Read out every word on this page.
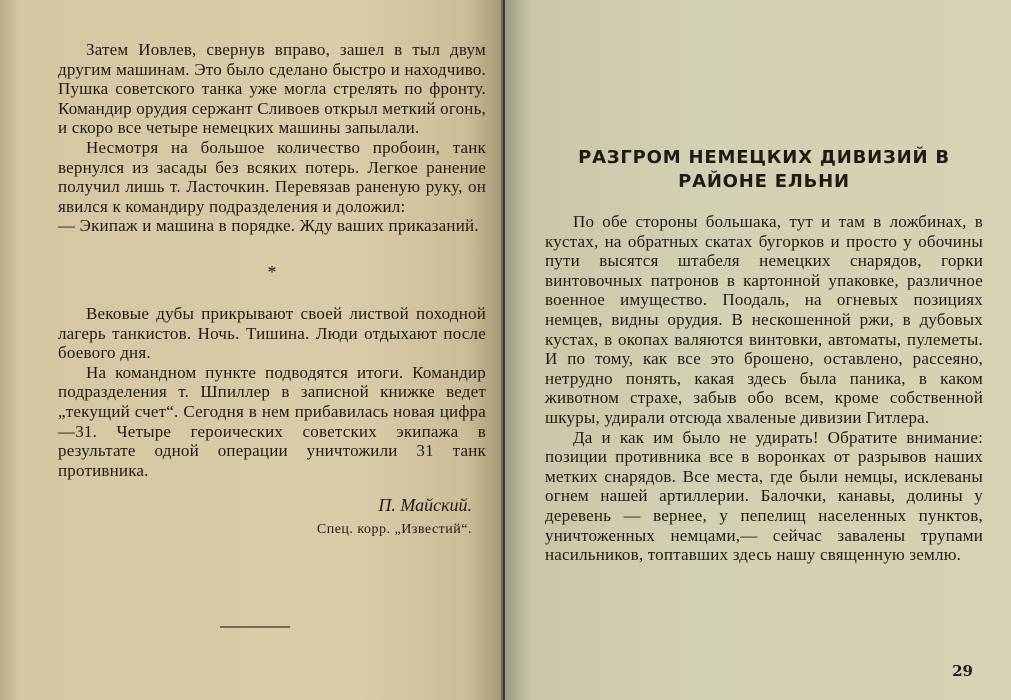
Затем Иовлев, свернув вправо, зашел в тыл двум другим машинам. Это было сделано быстро и находчиво. Пушка советского танка уже могла стрелять по фронту. Командир орудия сержант Сливоев открыл меткий огонь, и скоро все четыре немецких машины запылали.

Несмотря на большое количество пробоин, танк вернулся из засады без всяких потерь. Легкое ранение получил лишь т. Ласточкин. Перевязав раненую руку, он явился к командиру подразделения и доложил:

— Экипаж и машина в порядке. Жду ваших приказаний.

*

Вековые дубы прикрывают своей листвой походной лагерь танкистов. Ночь. Тишина. Люди отдыхают после боевого дня.

На командном пункте подводятся итоги. Командир подразделения т. Шпиллер в записной книжке ведет „текущий счет“. Сегодня в нем прибавилась новая цифра —31. Четыре героических советских экипажа в результате одной операции уничтожили 31 танк противника.

П. Майский.
Спец. корр. „Известий“.
РАЗГРОМ НЕМЕЦКИХ ДИВИЗИЙ В
РАЙОНЕ ЕЛЬНИ

По обе стороны большака, тут и там в ложбинах, в кустах, на обратных скатах бугорков и просто у обочины пути высятся штабеля немецких снарядов, горки винтовочных патронов в картонной упаковке, различное военное имущество. Поодаль, на огневых позициях немцев, видны орудия. В нескошенной ржи, в дубовых кустах, в окопах валяются винтовки, автоматы, пулеметы. И по тому, как все это брошено, оставлено, рассеяно, нетрудно понять, какая здесь была паника, в каком животном страхе, забыв обо всем, кроме собственной шкуры, удирали отсюда хваленые дивизии Гитлера.

Да и как им было не удирать! Обратите внимание: позиции противника все в воронках от разрывов наших метких снарядов. Все места, где были немцы, исклеваны огнем нашей артиллерии. Балочки, канавы, долины у деревень — вернее, у пепелищ населенных пунктов, уничтоженных немцами,— сейчас завалены трупами насильников, топтавших здесь нашу священную землю.

29
